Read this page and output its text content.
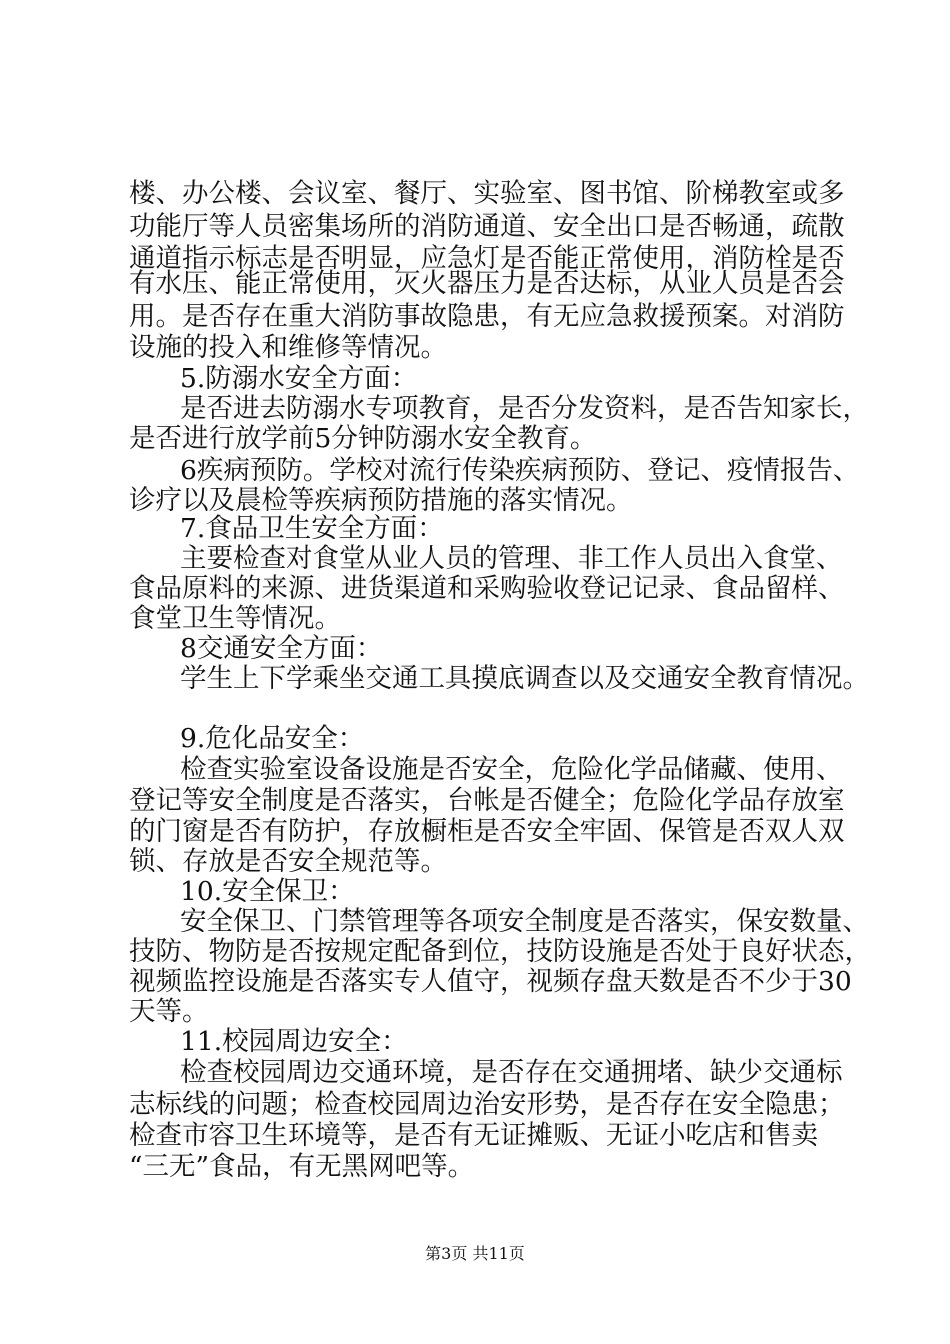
楼、办公楼、会议室、餐厅、实验室、图书馆、阶梯教室或多

功能厅等人员密集场所的消防通道、安全出口是否畅通，疏散

通道指示标志是否明显，应急灯是否能正常使用，消防栓是否

有水压、能正常使用，灭火器压力是否达标，从业人员是否会

用。是否存在重大消防事故隐患，有无应急救援预案。对消防

设施的投入和维修等情况。

5.防溺水安全方面：

是否进去防溺水专项教育，是否分发资料，是否告知家长，

是否进行放学前5分钟防溺水安全教育。

6疾病预防。学校对流行传染疾病预防、登记、疫情报告、

诊疗以及晨检等疾病预防措施的落实情况。

7.食品卫生安全方面：

主要检查对食堂从业人员的管理、非工作人员出入食堂、

食品原料的来源、进货渠道和采购验收登记记录、食品留样、

食堂卫生等情况。

8交通安全方面：

学生上下学乘坐交通工具摸底调查以及交通安全教育情况。

9.危化品安全：

检查实验室设备设施是否安全，危险化学品储藏、使用、

登记等安全制度是否落实，台帐是否健全；危险化学品存放室

的门窗是否有防护，存放橱柜是否安全牢固、保管是否双人双

锁、存放是否安全规范等。

10.安全保卫：

安全保卫、门禁管理等各项安全制度是否落实，保安数量、

技防、物防是否按规定配备到位，技防设施是否处于良好状态，

视频监控设施是否落实专人值守，视频存盘天数是否不少于30

天等。

11.校园周边安全：

检查校园周边交通环境，是否存在交通拥堵、缺少交通标

志标线的问题；检查校园周边治安形势，是否存在安全隐患；

检查市容卫生环境等，是否有无证摊贩、无证小吃店和售卖

“三无”食品，有无黑网吧等。

第3页 共11页
